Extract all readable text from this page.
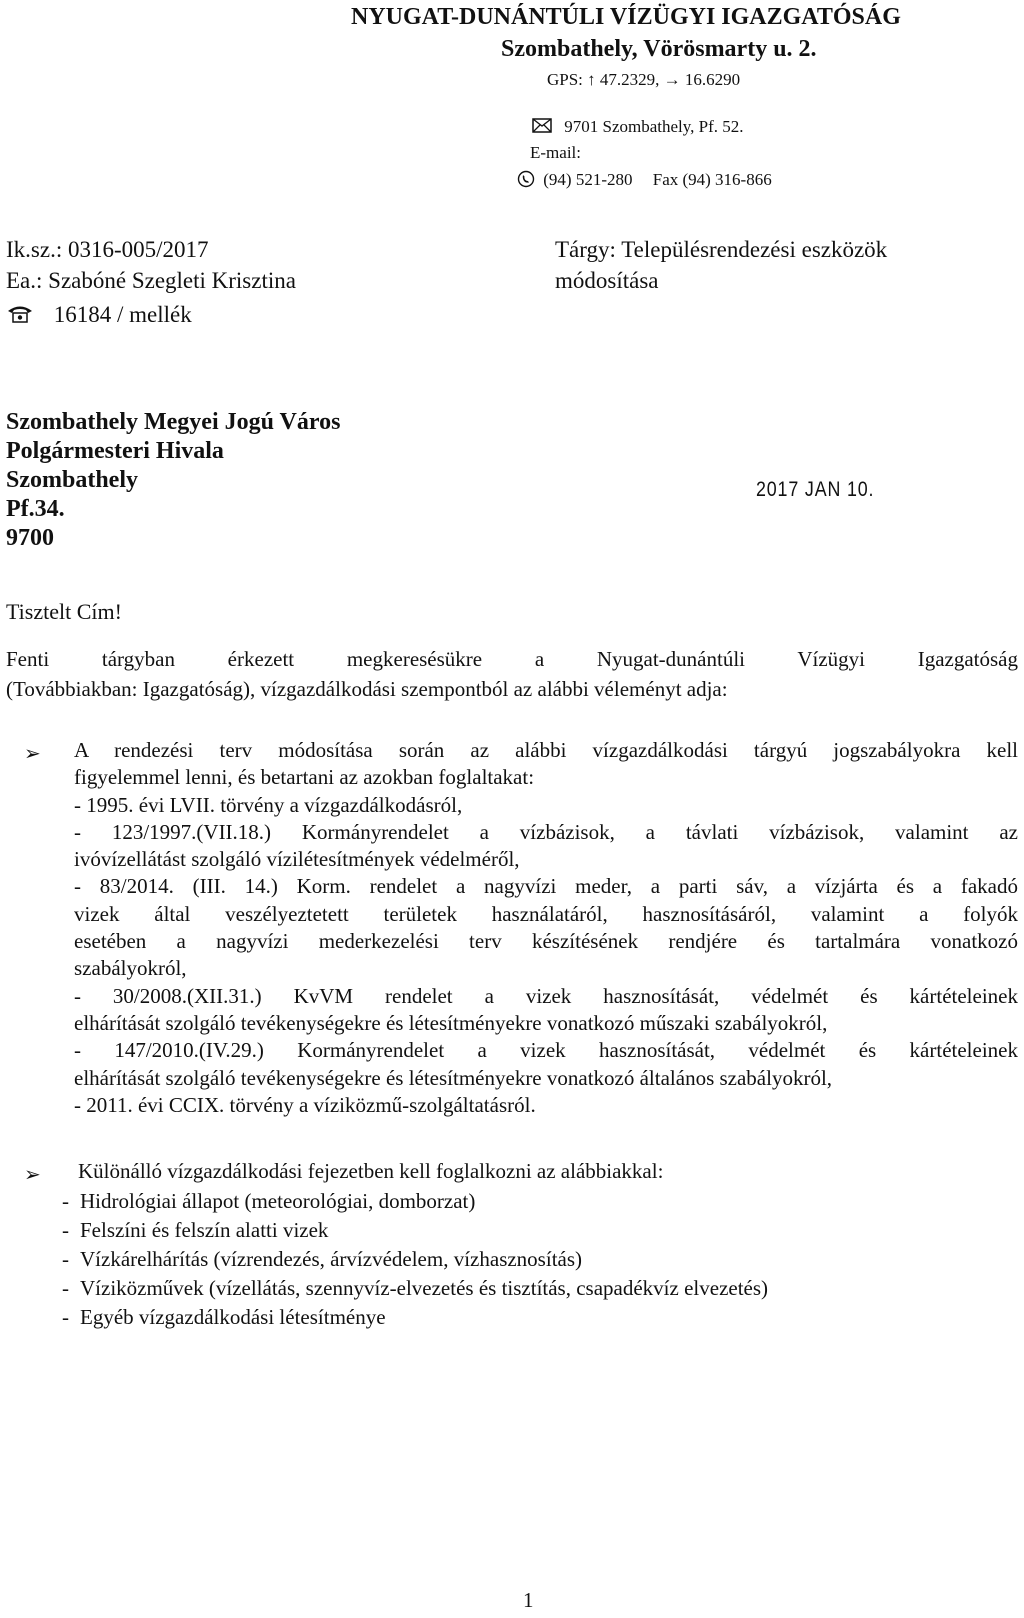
NYUGAT-DUNÁNTÚLI VÍZÜGYI IGAZGATÓSÁG
Szombathely, Vörösmarty u. 2.
GPS: ↑ 47.2329, → 16.6290
9701 Szombathely, Pf. 52.
E-mail:
(94) 521-280 Fax (94) 316-866
Ik.sz.: 0316-005/2017
Ea.: Szabóné Szegleti Krisztina
16184 / mellék
Tárgy: Településrendezési eszközök
módosítása
Szombathely Megyei Jogú Város
Polgármesteri Hivala
Szombathely
Pf.34.
9700
2017 JAN 10.
Tisztelt Cím!
Fenti tárgyban érkezett megkeresésükre a Nyugat-dunántúli Vízügyi Igazgatóság
(Továbbiakban: Igazgatóság), vízgazdálkodási szempontból az alábbi véleményt adja:
➢ A rendezési terv módosítása során az alábbi vízgazdálkodási tárgyú jogszabályokra kell
figyelemmel lenni, és betartani az azokban foglaltakat:
- 1995. évi LVII. törvény a vízgazdálkodásról,
- 123/1997.(VII.18.) Kormányrendelet a vízbázisok, a távlati vízbázisok, valamint az
ivóvízellátást szolgáló vízilétesítmények védelméről,
- 83/2014. (III. 14.) Korm. rendelet a nagyvízi meder, a parti sáv, a vízjárta és a fakadó
vizek által veszélyeztetett területek használatáról, hasznosításáról, valamint a folyók
esetében a nagyvízi mederkezelési terv készítésének rendjére és tartalmára vonatkozó
szabályokról,
- 30/2008.(XII.31.) KvVM rendelet a vizek hasznosítását, védelmét és kártételeinek
elhárítását szolgáló tevékenységekre és létesítményekre vonatkozó műszaki szabályokról,
- 147/2010.(IV.29.) Kormányrendelet a vizek hasznosítását, védelmét és kártételeinek
elhárítását szolgáló tevékenységekre és létesítményekre vonatkozó általános szabályokról,
- 2011. évi CCIX. törvény a víziközmű-szolgáltatásról.
➢ Különálló vízgazdálkodási fejezetben kell foglalkozni az alábbiakkal:
- Hidrológiai állapot (meteorológiai, domborzat)
- Felszíni és felszín alatti vizek
- Vízkárelhárítás (vízrendezés, árvízvédelem, vízhasznosítás)
- Víziközművek (vízellátás, szennyvíz-elvezetés és tisztítás, csapadékvíz elvezetés)
- Egyéb vízgazdálkodási létesítménye
1
